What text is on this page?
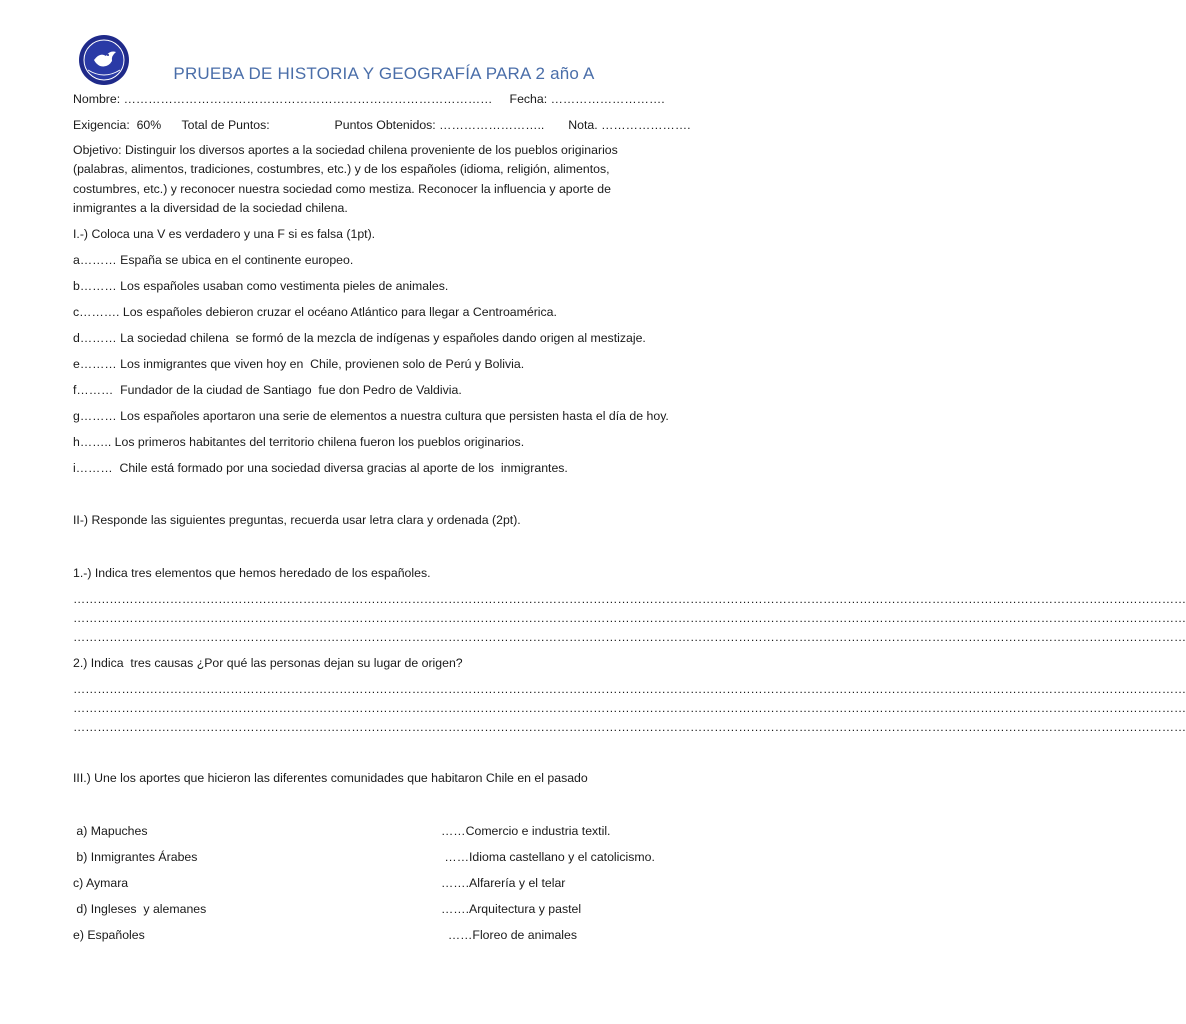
PRUEBA DE HISTORIA Y GEOGRAFÍA PARA 2 año A
Nombre: ………………………………………………………………………………     Fecha: ……………………….
Exigencia:  60%      Total de Puntos:                   Puntos Obtenidos: ……………………..       Nota. ………………….
Objetivo: Distinguir los diversos aportes a la sociedad chilena proveniente de los pueblos originarios (palabras, alimentos, tradiciones, costumbres, etc.) y de los españoles (idioma, religión, alimentos, costumbres, etc.) y reconocer nuestra sociedad como mestiza. Reconocer la influencia y aporte de inmigrantes a la diversidad de la sociedad chilena.
I.-) Coloca una V es verdadero y una F si es falsa (1pt).
a……… España se ubica en el continente europeo.
b……… Los españoles usaban como vestimenta pieles de animales.
c………. Los españoles debieron cruzar el océano Atlántico para llegar a Centroamérica.
d……… La sociedad chilena  se formó de la mezcla de indígenas y españoles dando origen al mestizaje.
e……… Los inmigrantes que viven hoy en  Chile, provienen solo de Perú y Bolivia.
f………  Fundador de la ciudad de Santiago  fue don Pedro de Valdivia.
g……… Los españoles aportaron una serie de elementos a nuestra cultura que persisten hasta el día de hoy.
h…….. Los primeros habitantes del territorio chilena fueron los pueblos originarios.
i………  Chile está formado por una sociedad diversa gracias al aporte de los  inmigrantes.
II-) Responde las siguientes preguntas, recuerda usar letra clara y ordenada (2pt).
1.-) Indica tres elementos que hemos heredado de los españoles.
……………………………………………………………………………………………………………………………………………………………………………………………………………………………………………………
……………………………………………………………………………………………………………………………………………………………………………………………………………………………………………………
……………………………………………………………………………………………………………………………………………………………………………………………………………………………………………………
2.) Indica  tres causas ¿Por qué las personas dejan su lugar de origen?
……………………………………………………………………………………………………………………………………………………………………………………………………………………………………………………
……………………………………………………………………………………………………………………………………………………………………………………………………………………………………………………
……………………………………………………………………………………………………………………………………………………………………………………………………………………………………………………
III.) Une los aportes que hicieron las diferentes comunidades que habitaron Chile en el pasado
a) Mapuches
b) Inmigrantes Árabes
c) Aymara
d) Ingleses  y alemanes
e) Españoles
……Comercio e industria textil.
……Idioma castellano y el catolicismo.
…….Alfarería y el telar
…….Arquitectura y pastel
……Floreo de animales
